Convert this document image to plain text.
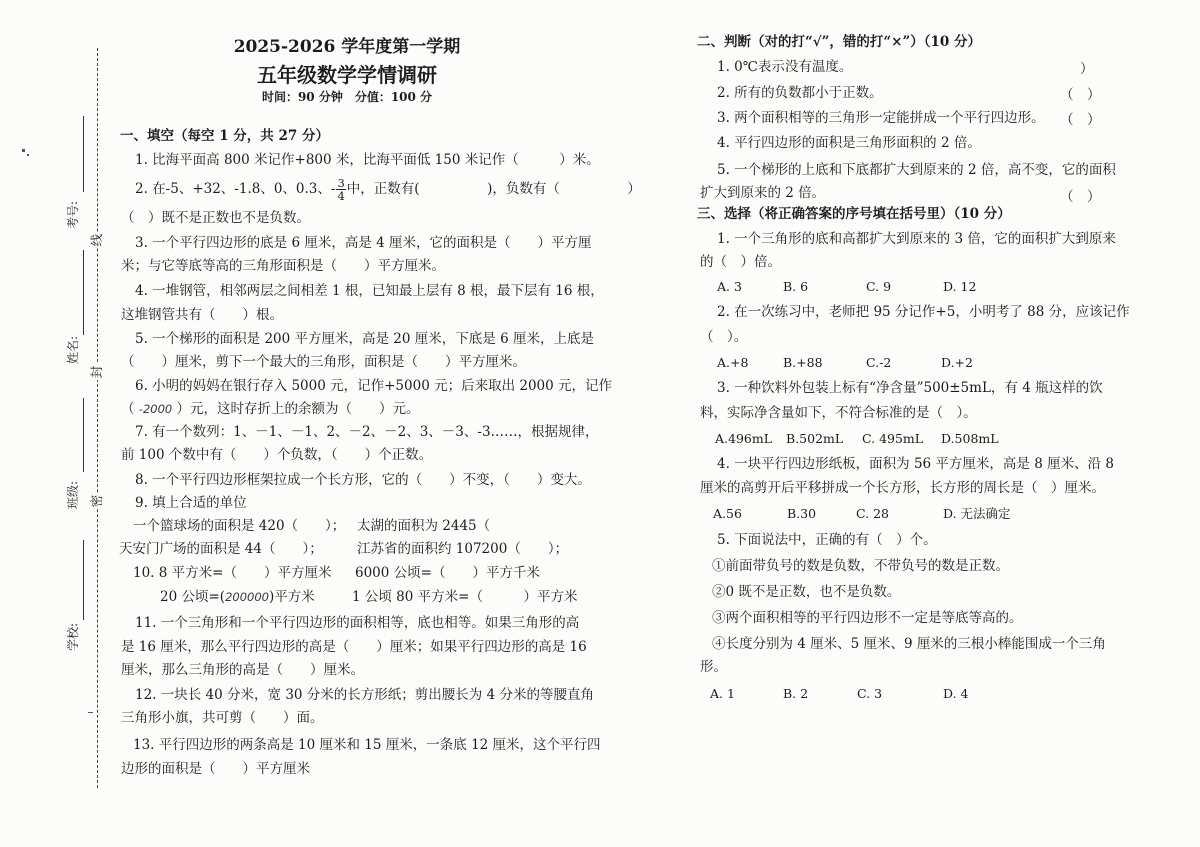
考号:
姓名:
班级:
学校:
线
封
密
2025-2026 学年度第一学期
五年级数学学情调研
时间：90 分钟　分值：100 分
一、填空（每空 1 分，共 27 分）
1. 比海平面高 800 米记作+800 米，比海平面低 150 米记作（　　　）米。
2. 在-5、+32、-1.8、0、0.3、- $\frac{3}{4}$ 中，正数有(　　　　　)，负数有（　　　　　）
（　）既不是正数也不是负数。
3. 一个平行四边形的底是 6 厘米，高是 4 厘米，它的面积是（　　）平方厘
米；与它等底等高的三角形面积是（　　）平方厘米。
4. 一堆钢管，相邻两层之间相差 1 根，已知最上层有 8 根，最下层有 16 根，
这堆钢管共有（　　）根。
5. 一个梯形的面积是 200 平方厘米，高是 20 厘米，下底是 6 厘米，上底是
（　　）厘米，剪下一个最大的三角形，面积是（　　）平方厘米。
6. 小明的妈妈在银行存入 5000 元，记作+5000 元；后来取出 2000 元，记作
（ -2000 ）元，这时存折上的余额为（　　）元。
7. 有一个数列：1、－1、－1、2、－2、－2、3、－3、-3……，根据规律，
前 100 个数中有（　　）个负数，（　　）个正数。
8. 一个平行四边形框架拉成一个长方形，它的（　　）不变，（　　）变大。
9. 填上合适的单位
一个篮球场的面积是 420（　　）； 太湖的面积为 2445（
天安门广场的面积是 44（　　）；	江苏省的面积约 107200（　　）；
10. 8 平方米=（　　）平方厘米 6000 公顷=（　　）平方千米
20 公顷=(200000)平方米	1 公顷 80 平方米=（　　　）平方米
11. 一个三角形和一个平行四边形的面积相等，底也相等。如果三角形的高
是 16 厘米，那么平行四边形的高是（　　）厘米；如果平行四边形的高是 16
厘米，那么三角形的高是（　　）厘米。
12. 一块长 40 分米，宽 30 分米的长方形纸；剪出腰长为 4 分米的等腰直角
三角形小旗，共可剪（　　）面。
13. 平行四边形的两条高是 10 厘米和 15 厘米，一条底 12 厘米，这个平行四
边形的面积是（　　）平方厘米
二、判断（对的打“√”，错的打“×”）（10 分）
1. 0℃表示没有温度。	）
2. 所有的负数都小于正数。	（　）
3. 两个面积相等的三角形一定能拼成一个平行四边形。 （　）
4. 平行四边形的面积是三角形面积的 2 倍。
5. 一个梯形的上底和下底都扩大到原来的 2 倍，高不变，它的面积
扩大到原来的 2 倍。	（　）
三、选择（将正确答案的序号填在括号里）（10 分）
1. 一个三角形的底和高都扩大到原来的 3 倍，它的面积扩大到原来
的（　）倍。
A. 3	B. 6	C. 9	D. 12
2. 在一次练习中，老师把 95 分记作+5，小明考了 88 分，应该记作
（　）。
A.+8	B.+88	C.-2	D.+2
3. 一种饮料外包装上标有“净含量”500±5mL，有 4 瓶这样的饮
料，实际净含量如下，不符合标准的是（　）。
A.496mL B.502mL C. 495mL D.508mL
4. 一块平行四边形纸板，面积为 56 平方厘米，高是 8 厘米、沿 8
厘米的高剪开后平移拼成一个长方形，长方形的周长是（　）厘米。
A.56	B.30	C. 28	D. 无法确定
5. 下面说法中，正确的有（　）个。
①前面带负号的数是负数，不带负号的数是正数。
②0 既不是正数，也不是负数。
③两个面积相等的平行四边形不一定是等底等高的。
④长度分别为 4 厘米、5 厘米、9 厘米的三根小棒能围成一个三角
形。
A. 1	B. 2	C. 3	D. 4
